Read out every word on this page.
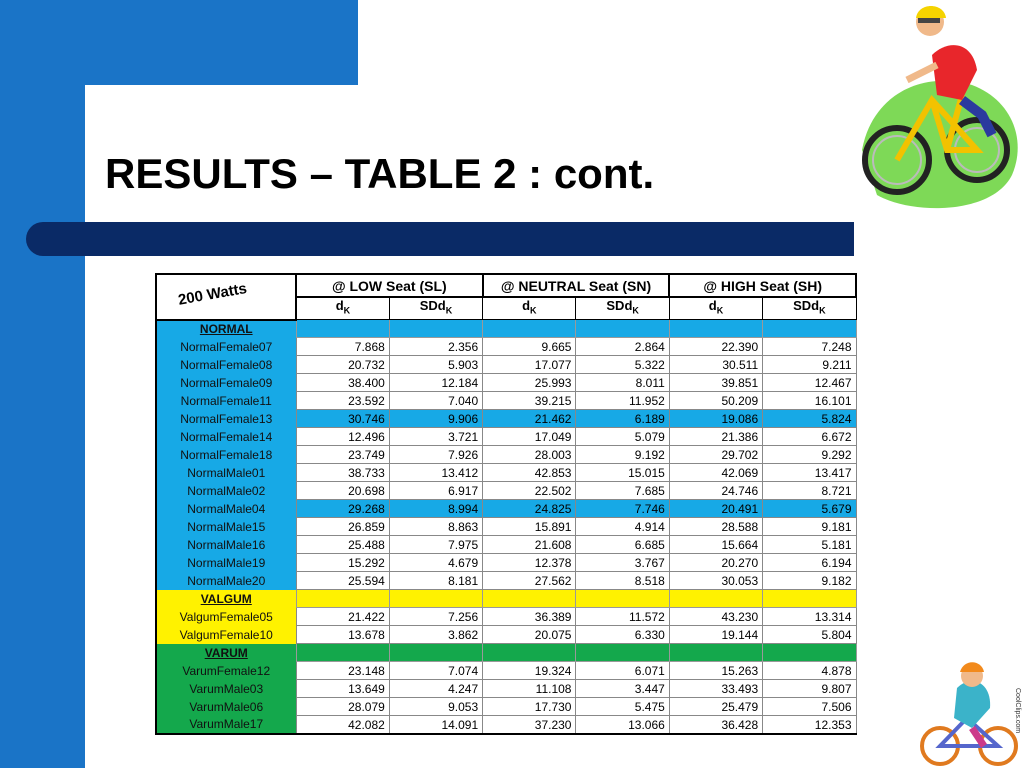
RESULTS – TABLE 2 : cont.
200 Watts	@ LOW Seat (SL)		@ NEUTRAL Seat (SN)		@ HIGH Seat (SH)	
	$d_K$	SDd$_K$	$d_K$	SDd$_K$	$d_K$	SDd$_K$
NORMAL						
NormalFemale07	7.868	2.356	9.665	2.864	22.390	7.248
NormalFemale08	20.732	5.903	17.077	5.322	30.511	9.211
NormalFemale09	38.400	12.184	25.993	8.011	39.851	12.467
NormalFemale11	23.592	7.040	39.215	11.952	50.209	16.101
NormalFemale13	30.746	9.906	21.462	6.189	19.086	5.824
NormalFemale14	12.496	3.721	17.049	5.079	21.386	6.672
NormalFemale18	23.749	7.926	28.003	9.192	29.702	9.292
NormalMale01	38.733	13.412	42.853	15.015	42.069	13.417
NormalMale02	20.698	6.917	22.502	7.685	24.746	8.721
NormalMale04	29.268	8.994	24.825	7.746	20.491	5.679
NormalMale15	26.859	8.863	15.891	4.914	28.588	9.181
NormalMale16	25.488	7.975	21.608	6.685	15.664	5.181
NormalMale19	15.292	4.679	12.378	3.767	20.270	6.194
NormalMale20	25.594	8.181	27.562	8.518	30.053	9.182
VALGUM						
ValgumFemale05	21.422	7.256	36.389	11.572	43.230	13.314
ValgumFemale10	13.678	3.862	20.075	6.330	19.144	5.804
VARUM						
VarumFemale12	23.148	7.074	19.324	6.071	15.263	4.878
VarumMale03	13.649	4.247	11.108	3.447	33.493	9.807
VarumMale06	28.079	9.053	17.730	5.475	25.479	7.506
VarumMale17	42.082	14.091	37.230	13.066	36.428	12.353	CoolClips.com
